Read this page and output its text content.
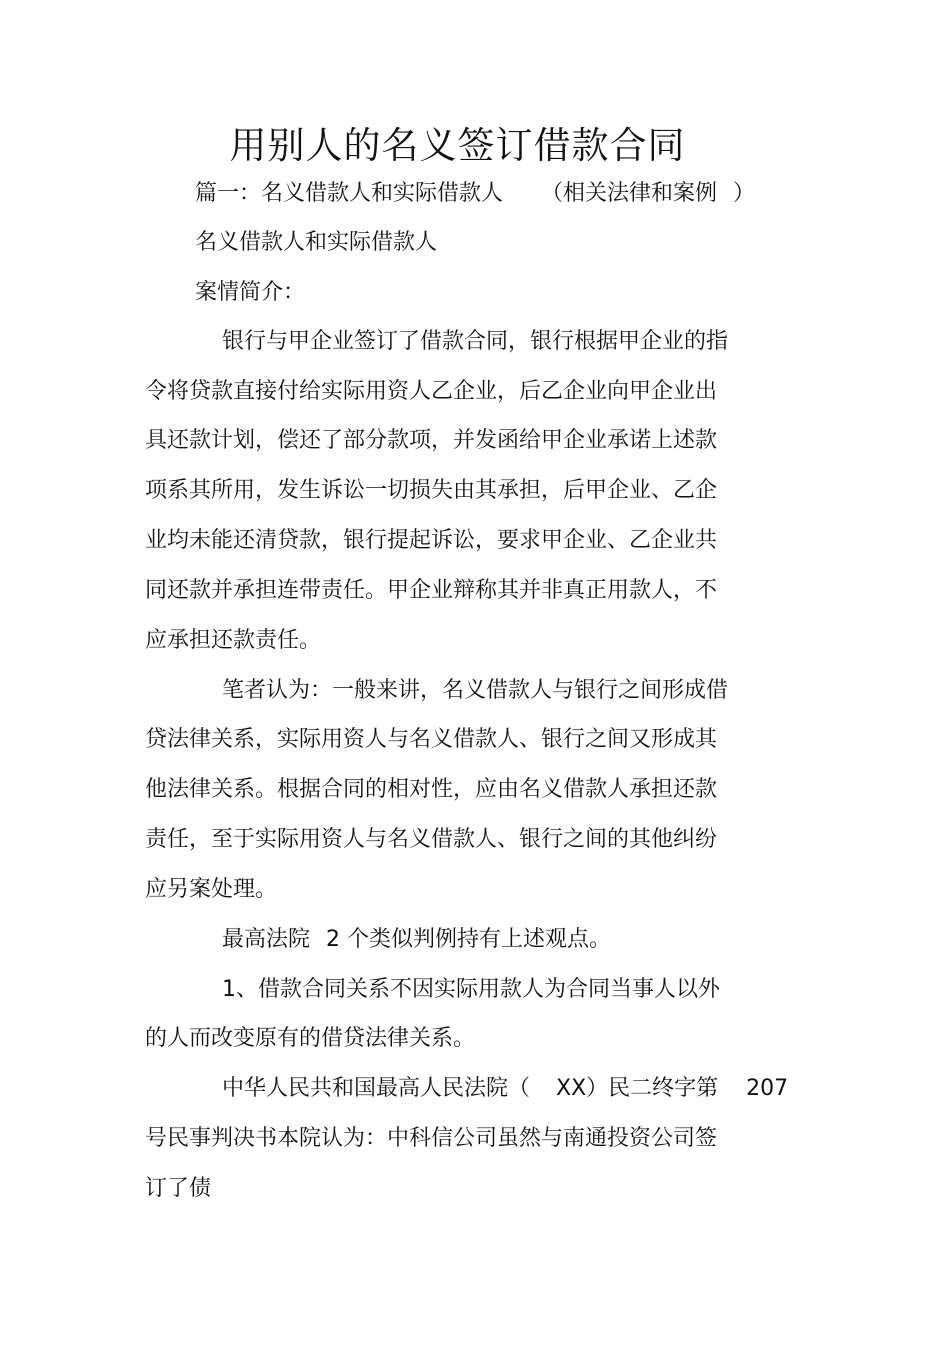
用别人的名义签订借款合同
篇一：名义借款人和实际借款人 （相关法律和案例 ）
名义借款人和实际借款人
案情简介：
银行与甲企业签订了借款合同，银行根据甲企业的指
令将贷款直接付给实际用资人乙企业，后乙企业向甲企业出
具还款计划，偿还了部分款项，并发函给甲企业承诺上述款
项系其所用，发生诉讼一切损失由其承担，后甲企业、乙企
业均未能还清贷款，银行提起诉讼，要求甲企业、乙企业共
同还款并承担连带责任。甲企业辩称其并非真正用款人，不
应承担还款责任。
笔者认为：一般来讲，名义借款人与银行之间形成借
贷法律关系，实际用资人与名义借款人、银行之间又形成其
他法律关系。根据合同的相对性，应由名义借款人承担还款
责任，至于实际用资人与名义借款人、银行之间的其他纠纷
应另案处理。
最高法院 2 个类似判例持有上述观点。
1、借款合同关系不因实际用款人为合同当事人以外
的人而改变原有的借贷法律关系。
中华人民共和国最高人民法院（ XX）民二终字第 207
号民事判决书本院认为：中科信公司虽然与南通投资公司签
订了债
